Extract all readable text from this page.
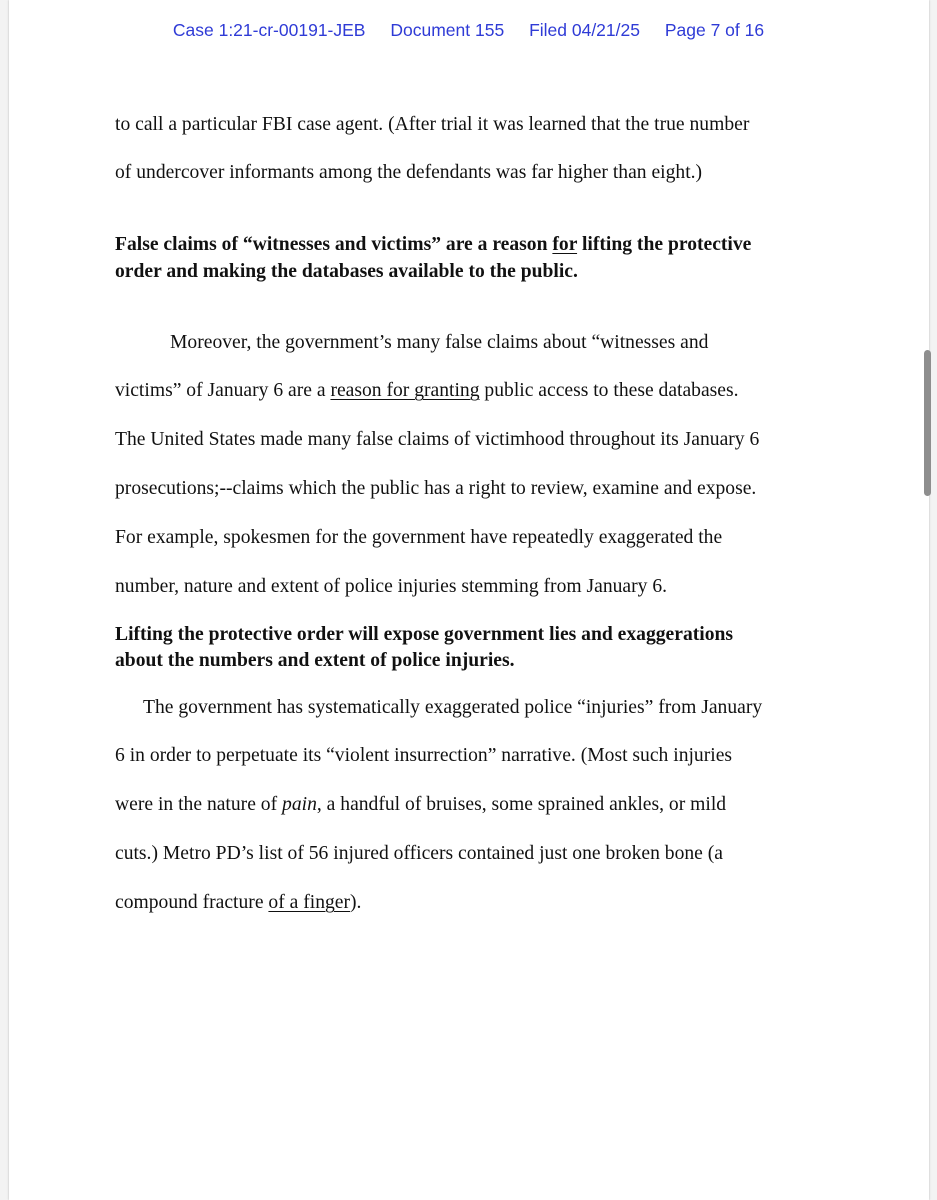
Case 1:21-cr-00191-JEB Document 155 Filed 04/21/25 Page 7 of 16
to call a particular FBI case agent. (After trial it was learned that the true number
of undercover informants among the defendants was far higher than eight.)
False claims of “witnesses and victims” are a reason for lifting the protective
order and making the databases available to the public.
Moreover, the government’s many false claims about “witnesses and
victims” of January 6 are a reason for granting public access to these databases.
The United States made many false claims of victimhood throughout its January 6
prosecutions;--claims which the public has a right to review, examine and expose.
For example, spokesmen for the government have repeatedly exaggerated the
number, nature and extent of police injuries stemming from January 6.
Lifting the protective order will expose government lies and exaggerations
about the numbers and extent of police injuries.
The government has systematically exaggerated police “injuries” from January
6 in order to perpetuate its “violent insurrection” narrative. (Most such injuries
were in the nature of pain, a handful of bruises, some sprained ankles, or mild
cuts.) Metro PD’s list of 56 injured officers contained just one broken bone (a
compound fracture of a finger).
